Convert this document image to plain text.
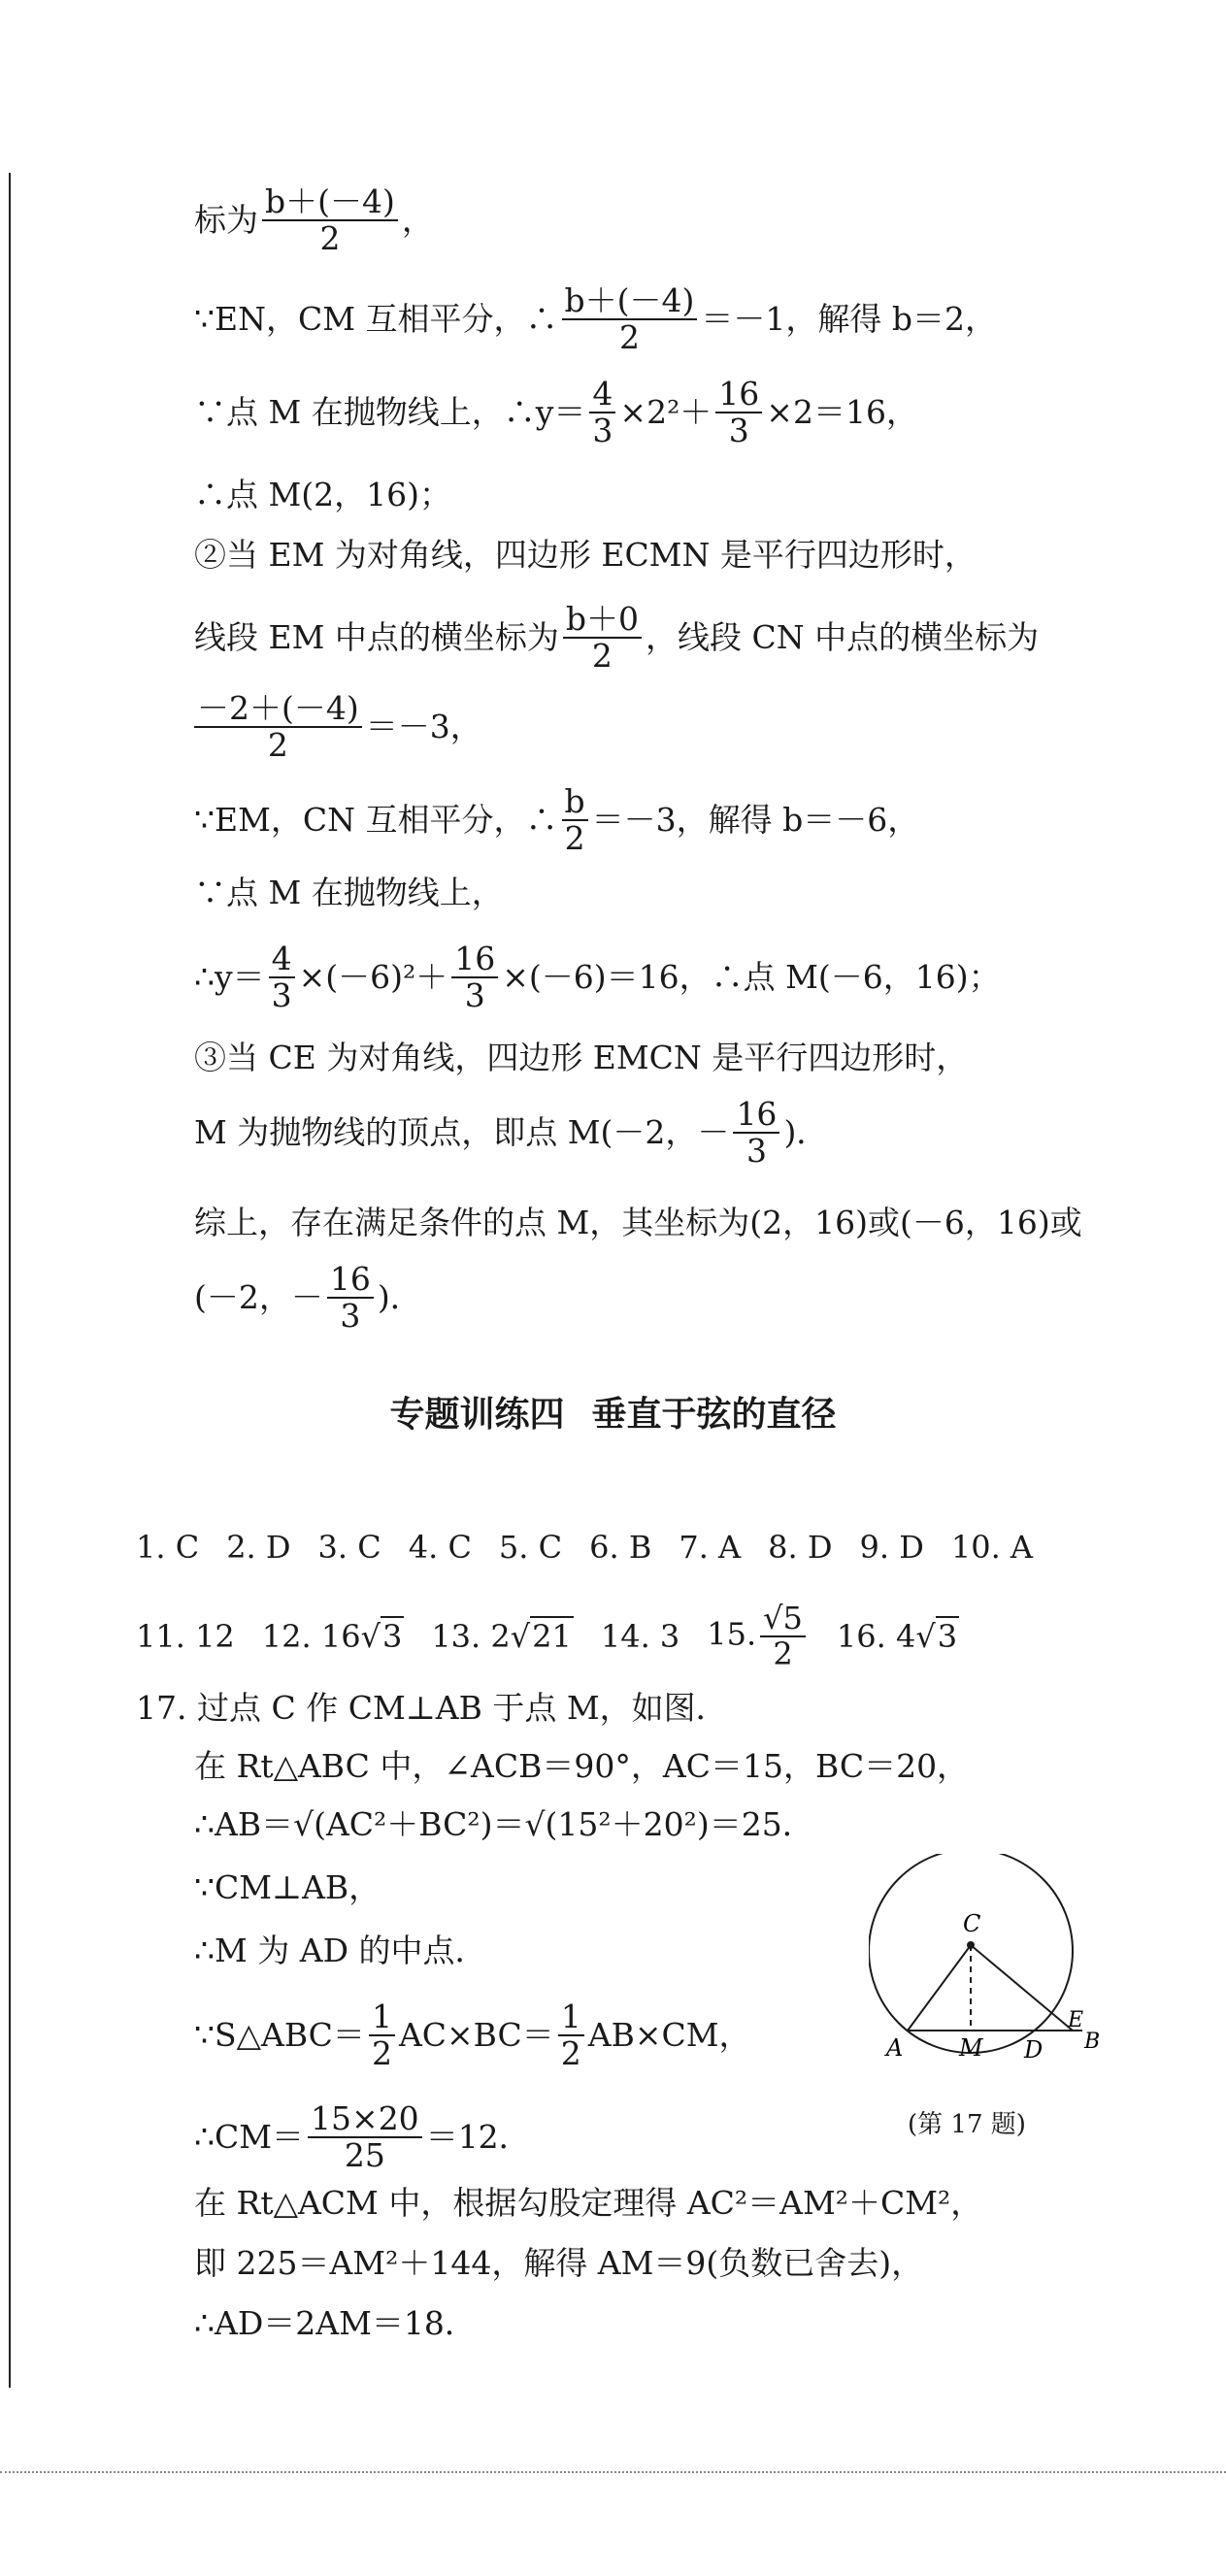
标为 $\frac{b+(-4)}{2}$ ，
∵EN，CM 互相平分，∴ $\frac{b+(-4)}{2} =-1$，解得 b＝2，
∵点 M 在抛物线上，∴y＝ $\frac{4}{3} \times 2^2+ \frac{16}{3} \times 2=16$，
∴点 M(2，16)；
②当 EM 为对角线，四边形 ECMN 是平行四边形时，
线段 EM 中点的横坐标为 $\frac{b+0}{2}$ ，线段 CN 中点的横坐标为
$\frac{-2+(-4)}{2} =-3$，
∵EM，CN 互相平分，∴ $\frac{b}{2} =-3$，解得 b＝－6，
∵点 M 在抛物线上，
∴y＝ $\frac{4}{3} \times(-6)^2+ \frac{16}{3} \times(-6)=16$，∴点 M(－6，16)；
③当 CE 为对角线，四边形 EMCN 是平行四边形时，
M 为抛物线的顶点，即点 M(－2，－ $\frac{16}{3}$ )．
综上，存在满足条件的点 M，其坐标为(2，16)或(－6，16)或
(－2，－ $\frac{16}{3}$ )．
专题训练四 垂直于弦的直径
1. C 2. D 3. C 4. C 5. C 6. B 7. A 8. D 9. D 10. A
11. 12 12. 16√3 13. 2√21 14. 3 15. $\frac{√5}{2} 16$. 4√3
17. 过点 C 作 CM⊥AB 于点 M，如图．
在 Rt△ABC 中，∠ACB＝90°，AC＝15，BC＝20，
∴AB＝√(AC²＋BC²)＝√(15²＋20²)＝25．
∵CM⊥AB，
∴M 为 AD 的中点．
∵S△ABC＝ $\frac{1}{2} AC\times BC= \frac{1}{2} AB\times CM$，
∴CM＝ $\frac{15\times 20}{25} =12$．
在 Rt△ACM 中，根据勾股定理得 AC²＝AM²＋CM²，
即 225＝AM²＋144，解得 AM＝9(负数已舍去)，
∴AD＝2AM＝18．
C
A M D
E
B
(第 17 题)
